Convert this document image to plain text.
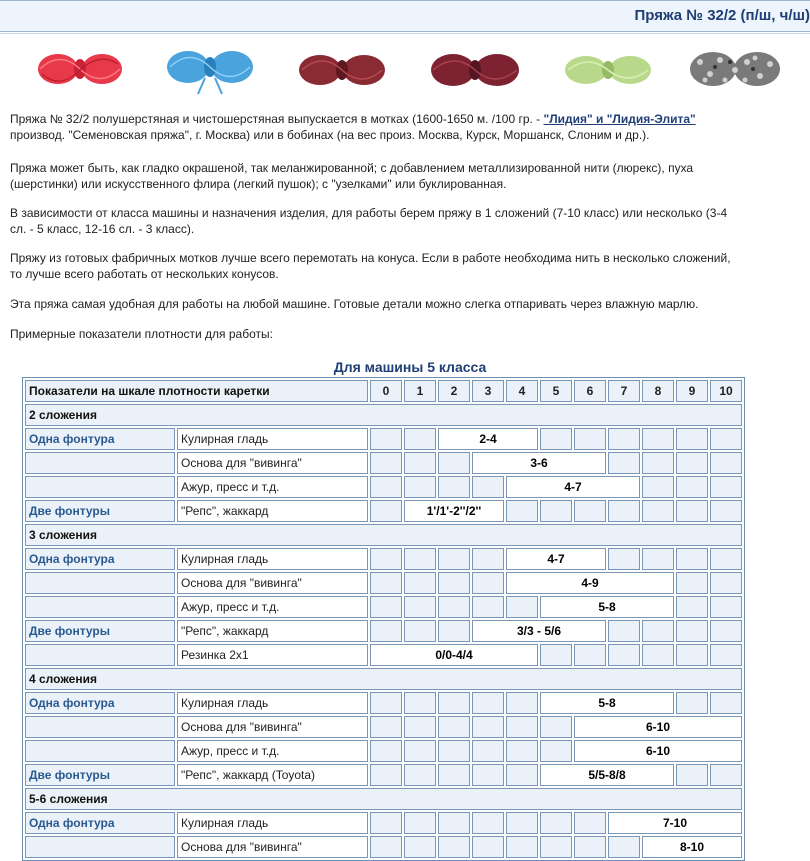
Пряжа № 32/2 (п/ш, ч/ш)
Пряжа № 32/2 полушерстяная и чистошерстяная выпускается в мотках (1600-1650 м. /100 гр. - "Лидия" и "Лидия-Элита"
производ. "Семеновская пряжа", г. Москва) или в бобинах (на вес произ. Москва, Курск, Моршанск, Слоним и др.).
Пряжа может быть, как гладко окрашеной, так меланжированной; с добавлением металлизированной нити (люрекс), пуха
(шерстинки) или искусственного флира (легкий пушок); с "узелками" или буклированная.
В зависимости от класса машины и назначения изделия, для работы берем пряжу в 1 сложений (7-10 класс) или несколько (3-4
сл. - 5 класс, 12-16 сл. - 3 класс).
Пряжу из готовых фабричных мотков лучше всего перемотать на конуса. Если в работе необходима нить в несколько сложений,
то лучше всего работать от нескольких конусов.
Эта пряжа самая удобная для работы на любой машине. Готовые детали можно слегка отпаривать через влажную марлю.
Примерные показатели плотности для работы:
Для машины 5 класса
Показатели на шкале плотности каретки		0	1	2	3	4	5	6	7	8	9	10
2 сложения												
Одна фонтура	Кулирная гладь			2-4								
	Основа для "вивинга"				3-6							
	Ажур, пресс и т.д.					4-7						
Две фонтуры	"Репс", жаккард		1'/1'-2''/2''									
3 сложения												
Одна фонтура	Кулирная гладь					4-7						
	Основа для "вивинга"					4-9						
	Ажур, пресс и т.д.						5-8					
Две фонтуры	"Репс", жаккард				3/3 - 5/6							
	Резинка 2х1	0/0-4/4										
4 сложения												
Одна фонтура	Кулирная гладь						5-8					
	Основа для "вивинга"							6-10				
	Ажур, пресс и т.д.							6-10				
Две фонтуры	"Репс", жаккард (Toyota)						5/5-8/8					
5-6 сложения												
Одна фонтура	Кулирная гладь								7-10			
	Основа для "вивинга"									8-10		
